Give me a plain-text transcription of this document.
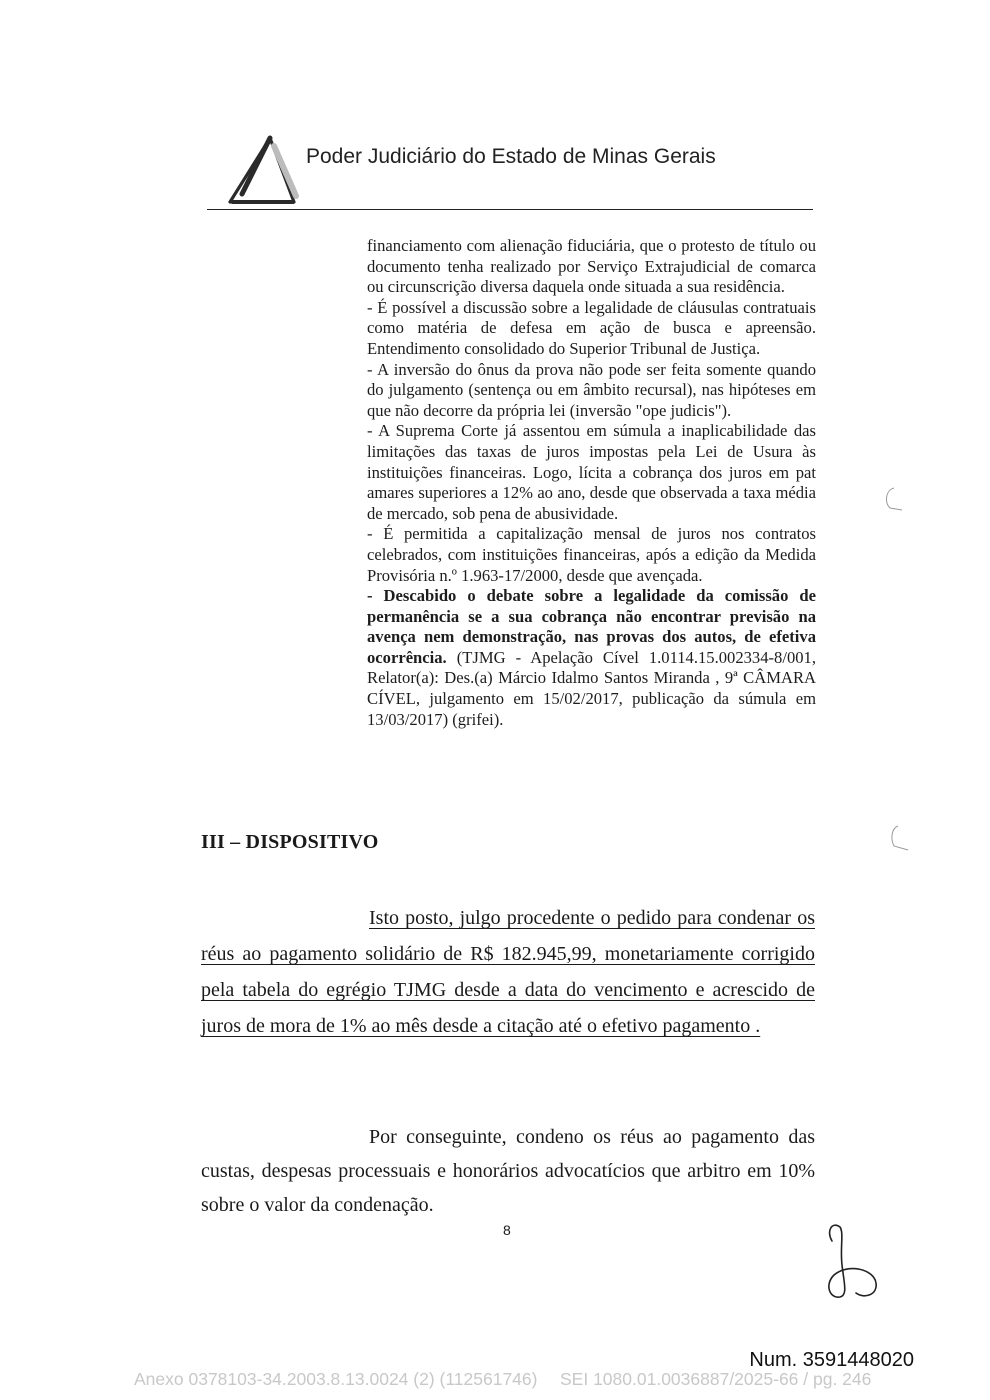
Poder Judiciário do Estado de Minas Gerais

financiamento com alienação fiduciária, que o protesto de título ou documento tenha realizado por Serviço Extrajudicial de comarca ou circunscrição diversa daquela onde situada a sua residência.

- É possível a discussão sobre a legalidade de cláusulas contratuais como matéria de defesa em ação de busca e apreensão. Entendimento consolidado do Superior Tribunal de Justiça.

- A inversão do ônus da prova não pode ser feita somente quando do julgamento (sentença ou em âmbito recursal), nas hipóteses em que não decorre da própria lei (inversão "ope judicis").

- A Suprema Corte já assentou em súmula a inaplicabilidade das limitações das taxas de juros impostas pela Lei de Usura às instituições financeiras. Logo, lícita a cobrança dos juros em pat amares superiores a 12% ao ano, desde que observada a taxa média de mercado, sob pena de abusividade.

- É permitida a capitalização mensal de juros nos contratos celebrados, com instituições financeiras, após a edição da Medida Provisória n.º 1.963-17/2000, desde que avençada.

- Descabido o debate sobre a legalidade da comissão de permanência se a sua cobrança não encontrar previsão na avença nem demonstração, nas provas dos autos, de efetiva ocorrência. (TJMG - Apelação Cível 1.0114.15.002334-8/001, Relator(a): Des.(a) Márcio Idalmo Santos Miranda , 9ª CÂMARA CÍVEL, julgamento em 15/02/2017, publicação da súmula em 13/03/2017) (grifei).

III – DISPOSITIVO

Isto posto, julgo procedente o pedido para condenar os réus ao pagamento solidário de R$ 182.945,99, monetariamente corrigido pela tabela do egrégio TJMG desde a data do vencimento e acrescido de juros de mora de 1% ao mês desde a citação até o efetivo pagamento .

Por conseguinte, condeno os réus ao pagamento das custas, despesas processuais e honorários advocatícios que arbitro em 10% sobre o valor da condenação.

8
Num. 3591448020
Anexo 0378103-34.2003.8.13.0024 (2) (112561746) SEI 1080.01.0036887/2025-66 / pg. 246
